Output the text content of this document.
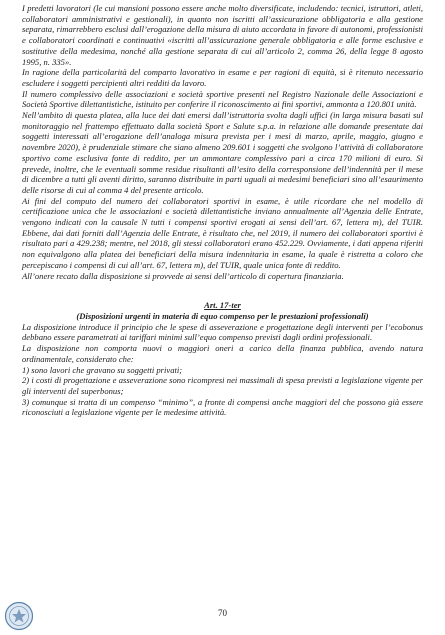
I predetti lavoratori (le cui mansioni possono essere anche molto diversificate, includendo: tecnici, istruttori, atleti, collaboratori amministrativi e gestionali), in quanto non iscritti all’assicurazione obbligatoria e alla gestione separata, rimarrebbero esclusi dall’erogazione della misura di aiuto accordata in favore di autonomi, professionisti e collaboratori coordinati e continuativi «iscritti all’assicurazione generale obbligatoria e alle forme esclusive e sostitutive della medesima, nonché alla gestione separata di cui all’articolo 2, comma 26, della legge 8 agosto 1995, n. 335».

In ragione della particolarità del comparto lavorativo in esame e per ragioni di equità, si è ritenuto necessario escludere i soggetti percipienti altri redditi da lavoro.

Il numero complessivo delle associazioni e società sportive presenti nel Registro Nazionale delle Associazioni e Società Sportive dilettantistiche, istituito per conferire il riconoscimento ai fini sportivi, ammonta a 120.801 unità.

Nell’ambito di questa platea, alla luce dei dati emersi dall’istruttoria svolta dagli uffici (in larga misura basati sul monitoraggio nel frattempo effettuato dalla società Sport e Salute s.p.a. in relazione alle domande presentate dai soggetti interessati all’erogazione dell’analoga misura prevista per i mesi di marzo, aprile, maggio, giugno e novembre 2020), è prudenziale stimare che siano almeno 209.601 i soggetti che svolgono l’attività di collaboratore sportivo come esclusiva fonte di reddito, per un ammontare complessivo pari a circa 170 milioni di euro. Si prevede, inoltre, che le eventuali somme residue risultanti all’esito della corresponsione dell’indennità per il mese di dicembre a tutti gli aventi diritto, saranno distribuite in parti uguali ai medesimi beneficiari sino all’esaurimento delle risorse di cui al comma 4 del presente articolo.

Ai fini del computo del numero dei collaboratori sportivi in esame, è utile ricordare che nel modello di certificazione unica che le associazioni e società dilettantistiche inviano annualmente all’Agenzia delle Entrate, vengono indicati con la causale N tutti i compensi sportivi erogati ai sensi dell’art. 67, lettera m), del TUIR. Ebbene, dai dati forniti dall’Agenzia delle Entrate, è risultato che, nel 2019, il numero dei collaboratori sportivi è risultato pari a 429.238; mentre, nel 2018, gli stessi collaboratori erano 452.229. Ovviamente, i dati appena riferiti non equivalgono alla platea dei beneficiari della misura indennitaria in esame, la quale è ristretta a coloro che percepiscano i compensi di cui all’art. 67, lettera m), del TUIR, quale unica fonte di reddito.

All’onere recato dalla disposizione si provvede ai sensi dell’articolo di copertura finanziaria.

Art. 17-ter

(Disposizioni urgenti in materia di equo compenso per le prestazioni professionali)

La disposizione introduce il principio che le spese di asseverazione e progettazione degli interventi per l’ecobonus debbano essere parametrati ai tariffari minimi sull’equo compenso previsti dagli ordini professionali.

La disposizione non comporta nuovi o maggiori oneri a carico della finanza pubblica, avendo natura ordinamentale, considerato che:

1) sono lavori che gravano su soggetti privati;

2) i costi di progettazione e asseverazione sono ricompresi nei massimali di spesa previsti a legislazione vigente per gli interventi del superbonus;

3) comunque si tratta di un compenso “minimo”, a fronte di compensi anche maggiori del che possono già essere riconosciuti a legislazione vigente per le medesime attività.

70
